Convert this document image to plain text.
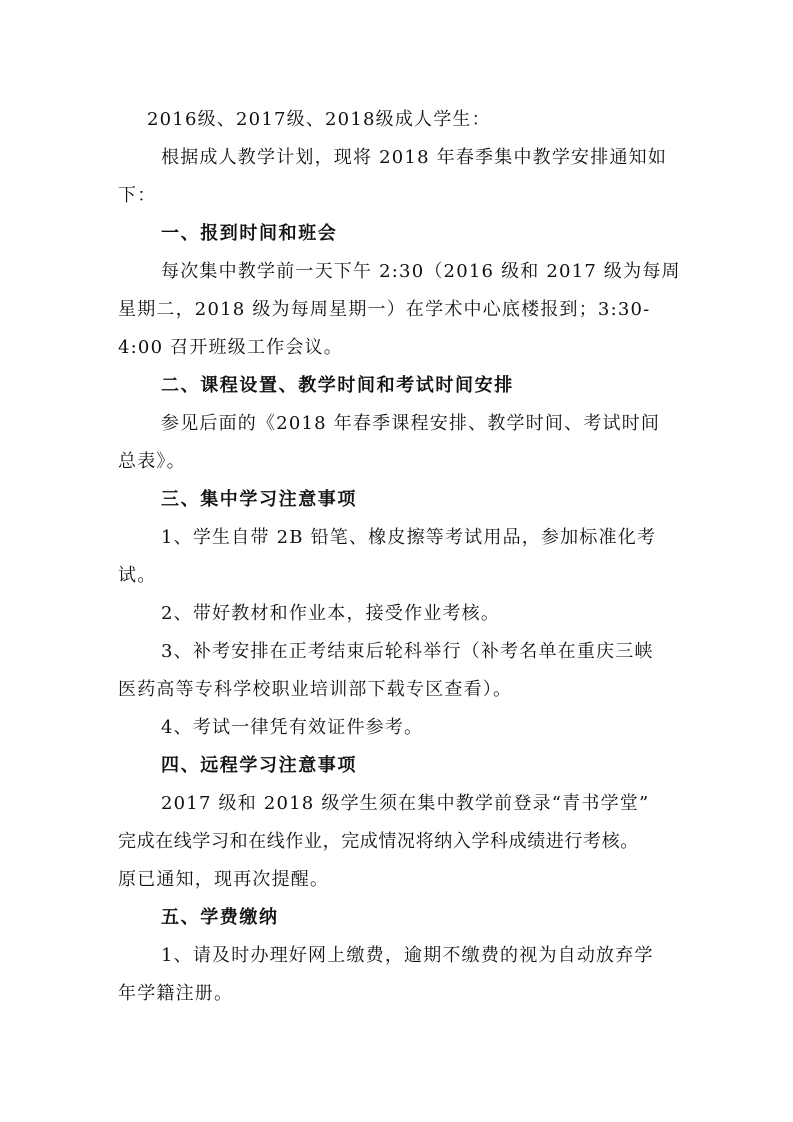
2016级、2017级、2018级成人学生：
根据成人教学计划，现将 2018 年春季集中教学安排通知如
下：
一、报到时间和班会
每次集中教学前一天下午 2:30（2016 级和 2017 级为每周
星期二，2018 级为每周星期一）在学术中心底楼报到；3:30-
4:00 召开班级工作会议。
二、课程设置、教学时间和考试时间安排
参见后面的《2018 年春季课程安排、教学时间、考试时间
总表》。
三、集中学习注意事项
1、学生自带 2B 铅笔、橡皮擦等考试用品，参加标准化考
试。
2、带好教材和作业本，接受作业考核。
3、补考安排在正考结束后轮科举行（补考名单在重庆三峡
医药高等专科学校职业培训部下载专区查看）。
4、考试一律凭有效证件参考。
四、远程学习注意事项
2017 级和 2018 级学生须在集中教学前登录“青书学堂”
完成在线学习和在线作业，完成情况将纳入学科成绩进行考核。
原已通知，现再次提醒。
五、学费缴纳
1、请及时办理好网上缴费，逾期不缴费的视为自动放弃学
年学籍注册。
